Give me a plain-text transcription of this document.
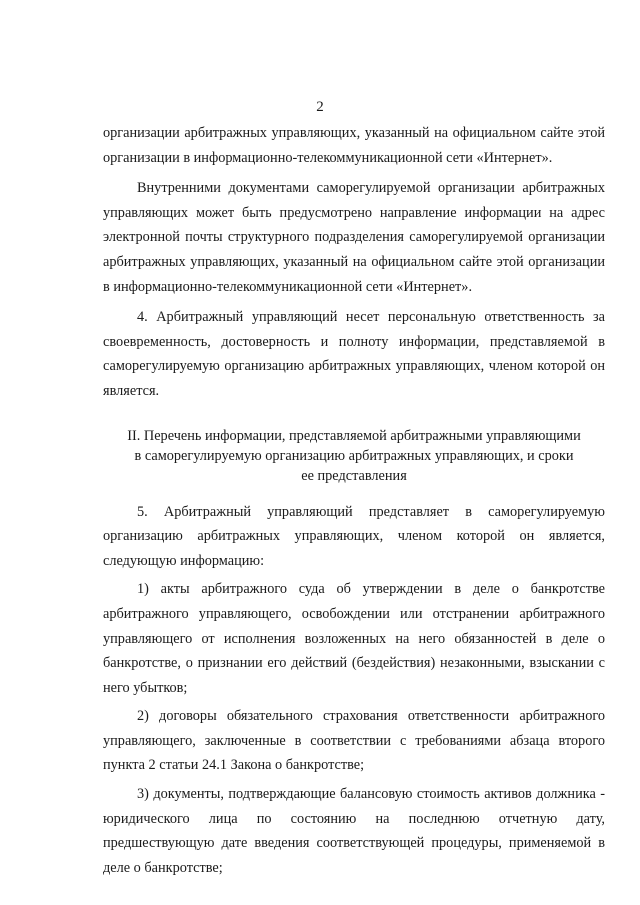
2

организации арбитражных управляющих, указанный на официальном сайте этой организации в информационно-телекоммуникационной сети «Интернет».

Внутренними документами саморегулируемой организации арбитражных управляющих может быть предусмотрено направление информации на адрес электронной почты структурного подразделения саморегулируемой организации арбитражных управляющих, указанный на официальном сайте этой организации в информационно-телекоммуникационной сети «Интернет».

4. Арбитражный управляющий несет персональную ответственность за своевременность, достоверность и полноту информации, представляемой в саморегулируемую организацию арбитражных управляющих, членом которой он является.

II. Перечень информации, представляемой арбитражными управляющими
в саморегулируемую организацию арбитражных управляющих, и сроки
ее представления

5. Арбитражный управляющий представляет в саморегулируемую организацию арбитражных управляющих, членом которой он является, следующую информацию:

1) акты арбитражного суда об утверждении в деле о банкротстве арбитражного управляющего, освобождении или отстранении арбитражного управляющего от исполнения возложенных на него обязанностей в деле о банкротстве, о признании его действий (бездействия) незаконными, взыскании с него убытков;

2) договоры обязательного страхования ответственности арбитражного управляющего, заключенные в соответствии с требованиями абзаца второго пункта 2 статьи 24.1 Закона о банкротстве;

3) документы, подтверждающие балансовую стоимость активов должника - юридического лица по состоянию на последнюю отчетную дату, предшествующую дате введения соответствующей процедуры, применяемой в деле о банкротстве;
